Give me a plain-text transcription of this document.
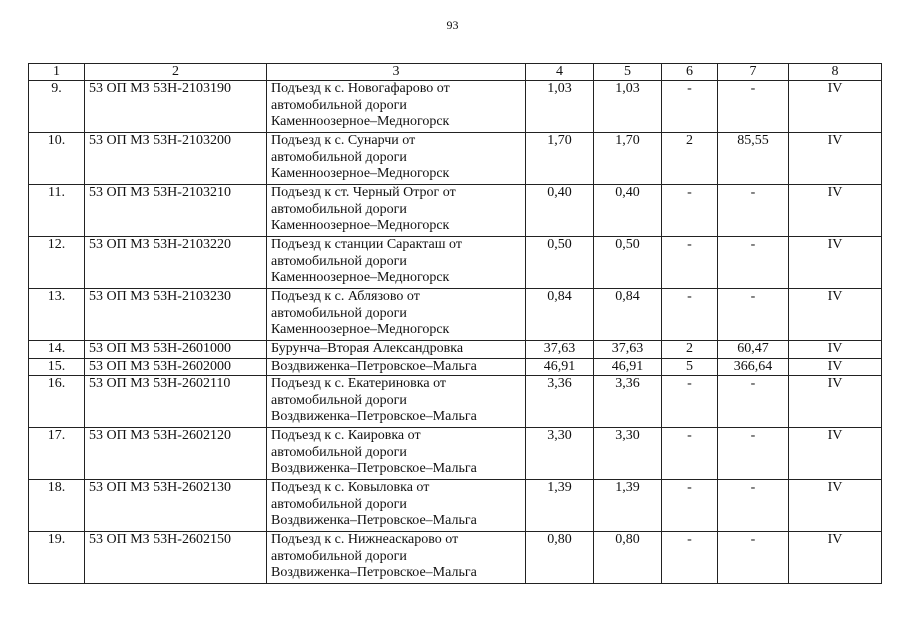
93
1	2	3	4	5	6	7	8
9.	53 ОП МЗ 53Н-2103190	Подъезд к с. Новогафарово от
автомобильной дороги
Каменноозерное–Медногорск	1,03	1,03	-	-	IV
10.	53 ОП МЗ 53Н-2103200	Подъезд к с. Сунарчи от
автомобильной дороги
Каменноозерное–Медногорск	1,70	1,70	2	85,55	IV
11.	53 ОП МЗ 53Н-2103210	Подъезд к ст. Черный Отрог от
автомобильной дороги
Каменноозерное–Медногорск	0,40	0,40	-	-	IV
12.	53 ОП МЗ 53Н-2103220	Подъезд к станции Саракташ от
автомобильной дороги
Каменноозерное–Медногорск	0,50	0,50	-	-	IV
13.	53 ОП МЗ 53Н-2103230	Подъезд к с. Аблязово от
автомобильной дороги
Каменноозерное–Медногорск	0,84	0,84	-	-	IV
14.	53 ОП МЗ 53Н-2601000	Бурунча–Вторая Александровка	37,63	37,63	2	60,47	IV
15.	53 ОП МЗ 53Н-2602000	Воздвиженка–Петровское–Мальга	46,91	46,91	5	366,64	IV
16.	53 ОП МЗ 53Н-2602110	Подъезд к с. Екатериновка от
автомобильной дороги
Воздвиженка–Петровское–Мальга	3,36	3,36	-	-	IV
17.	53 ОП МЗ 53Н-2602120	Подъезд к с. Каировка от
автомобильной дороги
Воздвиженка–Петровское–Мальга	3,30	3,30	-	-	IV
18.	53 ОП МЗ 53Н-2602130	Подъезд к с. Ковыловка от
автомобильной дороги
Воздвиженка–Петровское–Мальга	1,39	1,39	-	-	IV
19.	53 ОП МЗ 53Н-2602150	Подъезд к с. Нижнеаскарово от
автомобильной дороги
Воздвиженка–Петровское–Мальга	0,80	0,80	-	-	IV
